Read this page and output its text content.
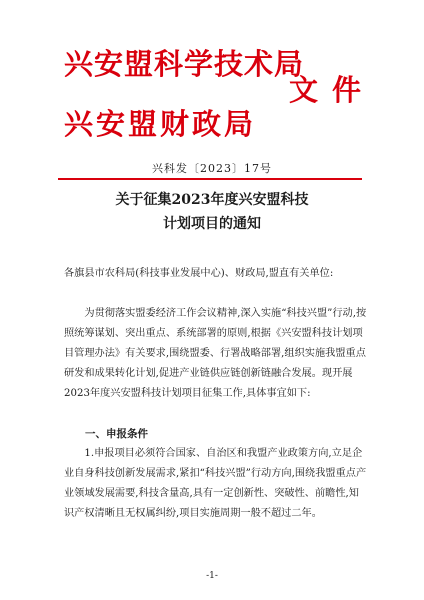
兴安盟科学技术局
兴安盟财政局
文件
兴科发〔2023〕17号
关于征集2023年度兴安盟科技
计划项目的通知

各旗县市农科局(科技事业发展中心)、财政局,盟直有关单位:

为贯彻落实盟委经济工作会议精神,深入实施“科技兴盟”行动,按照统筹谋划、突出重点、系统部署的原则,根据《兴安盟科技计划项目管理办法》有关要求,围绕盟委、行署战略部署,组织实施我盟重点研发和成果转化计划,促进产业链供应链创新链融合发展。现开展2023年度兴安盟科技计划项目征集工作,具体事宜如下:

一、申报条件

1.申报项目必须符合国家、自治区和我盟产业政策方向,立足企业自身科技创新发展需求,紧扣“科技兴盟”行动方向,围绕我盟重点产业领域发展需要,科技含量高,具有一定创新性、突破性、前瞻性,知识产权清晰且无权属纠纷,项目实施周期一般不超过二年。

-1-
